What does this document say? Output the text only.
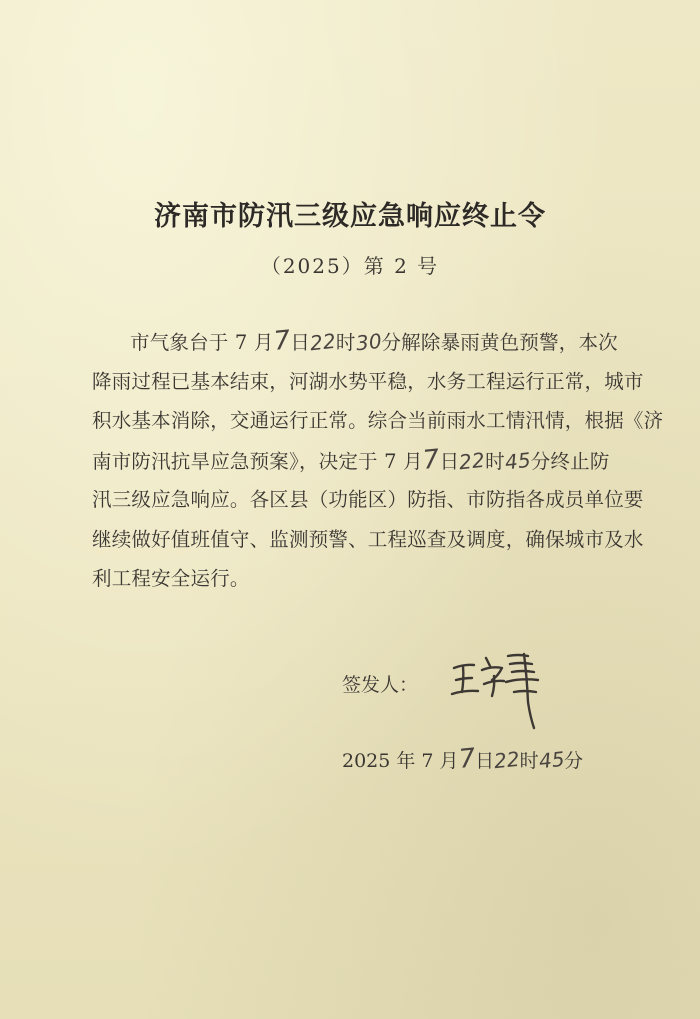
济南市防汛三级应急响应终止令
（2025）第 2 号
市气象台于 7 月7日22时30分解除暴雨黄色预警，本次
降雨过程已基本结束，河湖水势平稳，水务工程运行正常，城市
积水基本消除，交通运行正常。综合当前雨水工情汛情，根据《济
南市防汛抗旱应急预案》，决定于 7 月7日22时45分终止防
汛三级应急响应。各区县（功能区）防指、市防指各成员单位要
继续做好值班值守、监测预警、工程巡查及调度，确保城市及水
利工程安全运行。
签发人：
2025 年 7 月7日22时45分
